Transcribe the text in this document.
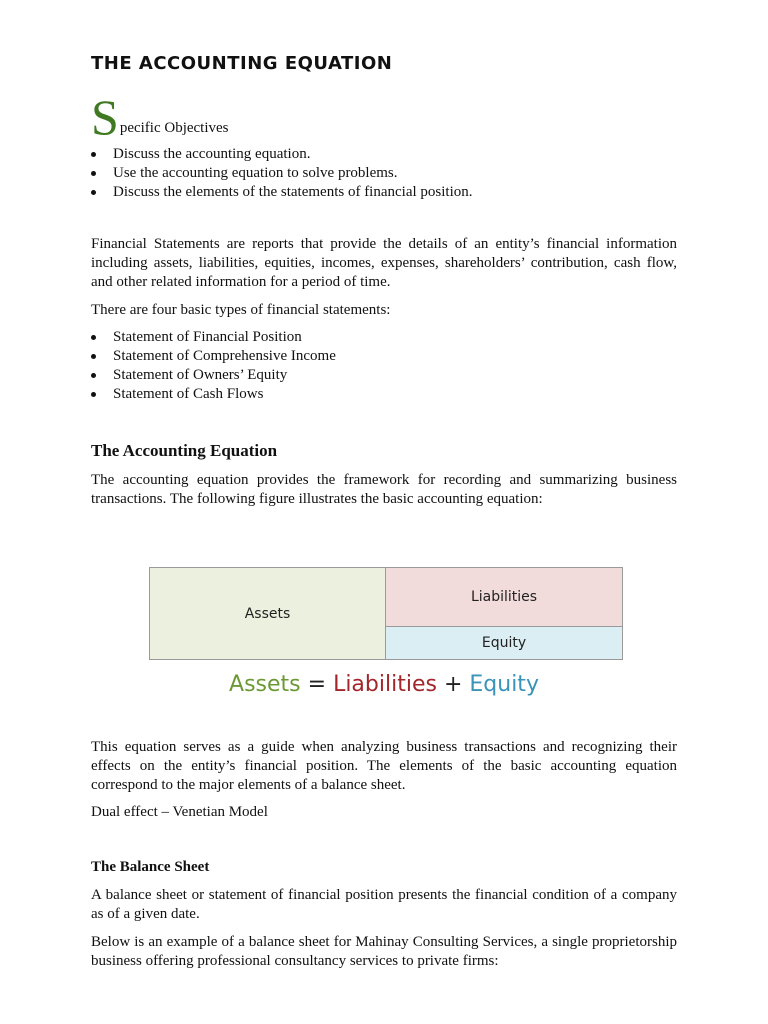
THE ACCOUNTING EQUATION
Specific Objectives
Discuss the accounting equation.
Use the accounting equation to solve problems.
Discuss the elements of the statements of financial position.

Financial Statements are reports that provide the details of an entity’s financial information including assets, liabilities, equities, incomes, expenses, shareholders’ contribution, cash flow, and other related information for a period of time.

There are four basic types of financial statements:

Statement of Financial Position
Statement of Comprehensive Income
Statement of Owners’ Equity
Statement of Cash Flows
The Accounting Equation

The accounting equation provides the framework for recording and summarizing business transactions. The following figure illustrates the basic accounting equation:

Assets
Liabilities
Equity
Assets = Liabilities + Equity

This equation serves as a guide when analyzing business transactions and recognizing their effects on the entity’s financial position. The elements of the basic accounting equation correspond to the major elements of a balance sheet.

Dual effect – Venetian Model

The Balance Sheet

A balance sheet or statement of financial position presents the financial condition of a company as of a given date.

Below is an example of a balance sheet for Mahinay Consulting Services, a single proprietorship business offering professional consultancy services to private firms:
